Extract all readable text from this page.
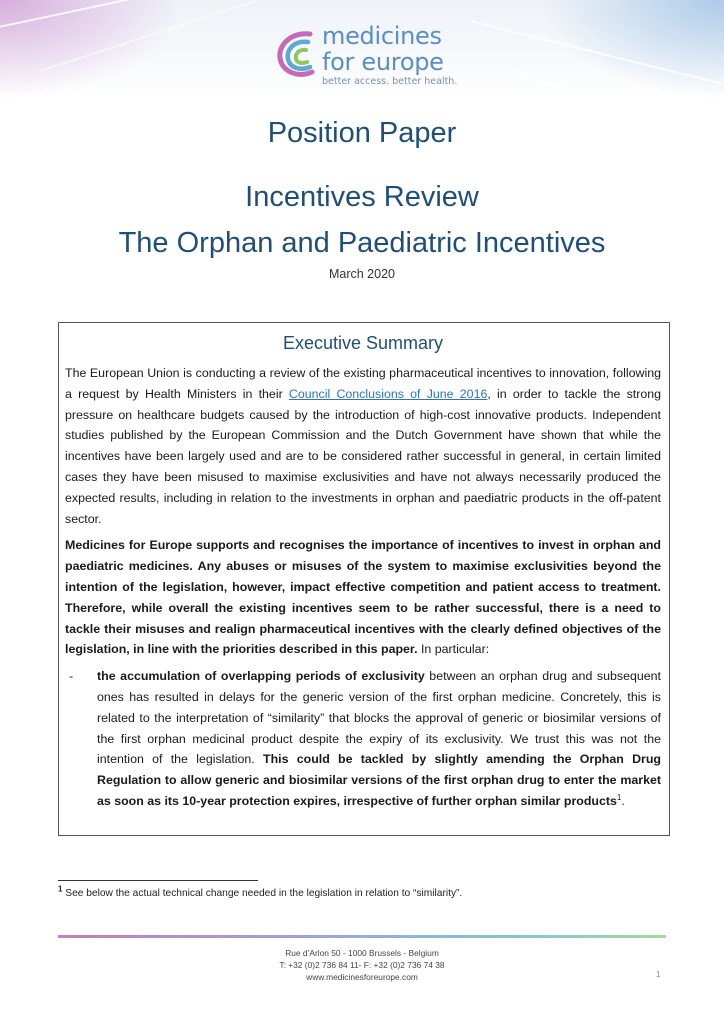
medicines
for europe
better access. better health.
Position Paper
Incentives Review
The Orphan and Paediatric Incentives
March 2020
Executive Summary

The European Union is conducting a review of the existing pharmaceutical incentives to innovation, following a request by Health Ministers in their Council Conclusions of June 2016, in order to tackle the strong pressure on healthcare budgets caused by the introduction of high-cost innovative products. Independent studies published by the European Commission and the Dutch Government have shown that while the incentives have been largely used and are to be considered rather successful in general, in certain limited cases they have been misused to maximise exclusivities and have not always necessarily produced the expected results, including in relation to the investments in orphan and paediatric products in the off-patent sector.

Medicines for Europe supports and recognises the importance of incentives to invest in orphan and paediatric medicines. Any abuses or misuses of the system to maximise exclusivities beyond the intention of the legislation, however, impact effective competition and patient access to treatment. Therefore, while overall the existing incentives seem to be rather successful, there is a need to tackle their misuses and realign pharmaceutical incentives with the clearly defined objectives of the legislation, in line with the priorities described in this paper. In particular:

- the accumulation of overlapping periods of exclusivity between an orphan drug and subsequent ones has resulted in delays for the generic version of the first orphan medicine. Concretely, this is related to the interpretation of “similarity” that blocks the approval of generic or biosimilar versions of the first orphan medicinal product despite the expiry of its exclusivity. We trust this was not the intention of the legislation. This could be tackled by slightly amending the Orphan Drug Regulation to allow generic and biosimilar versions of the first orphan drug to enter the market as soon as its 10-year protection expires, irrespective of further orphan similar products$^1$.

$^1$ See below the actual technical change needed in the legislation in relation to “similarity”.
Rue d’Arlon 50 - 1000 Brussels - Belgium
T: +32 (0)2 736 84 11- F: +32 (0)2 736 74 38
www.medicinesforeurope.com	1
